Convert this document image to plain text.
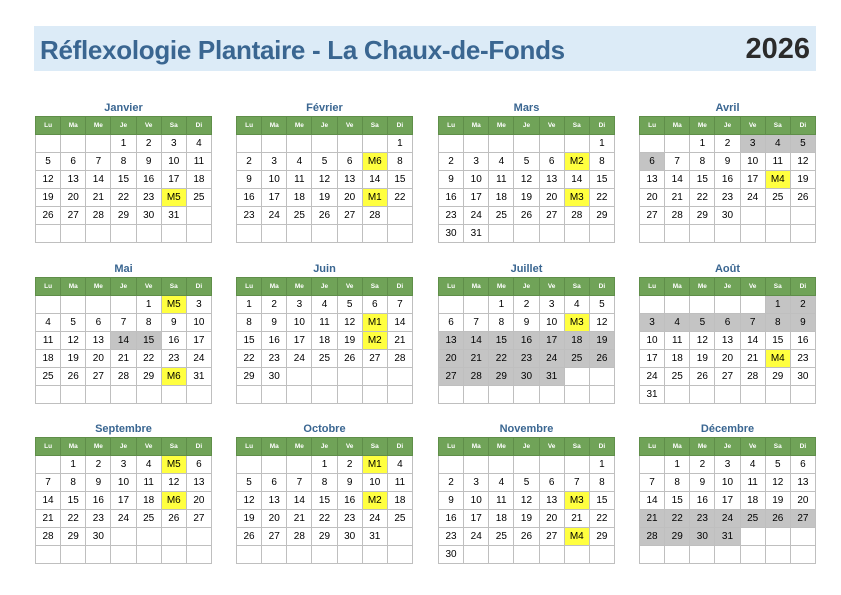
Réflexologie Plantaire - La Chaux-de-Fonds	2026
Janvier
Lu	Ma	Me	Je	Ve	Sa	Di
			1	2	3	4
5	6	7	8	9	10	11
12	13	14	15	16	17	18
19	20	21	22	23	M5	25
26	27	28	29	30	31	

Février
Lu	Ma	Me	Je	Ve	Sa	Di
						1
2	3	4	5	6	M6	8
9	10	11	12	13	14	15
16	17	18	19	20	M1	22
23	24	25	26	27	28	

Mars
Lu	Ma	Me	Je	Ve	Sa	Di
						1
2	3	4	5	6	M2	8
9	10	11	12	13	14	15
16	17	18	19	20	M3	22
23	24	25	26	27	28	29
30	31					
Avril
Lu	Ma	Me	Je	Ve	Sa	Di
		1	2	3	4	5
6	7	8	9	10	11	12
13	14	15	16	17	M4	19
20	21	22	23	24	25	26
27	28	29	30			

Mai
Lu	Ma	Me	Je	Ve	Sa	Di
				1	M5	3
4	5	6	7	8	9	10
11	12	13	14	15	16	17
18	19	20	21	22	23	24
25	26	27	28	29	M6	31

Juin
Lu	Ma	Me	Je	Ve	Sa	Di
1	2	3	4	5	6	7
8	9	10	11	12	M1	14
15	16	17	18	19	M2	21
22	23	24	25	26	27	28
29	30					

Juillet
Lu	Ma	Me	Je	Ve	Sa	Di
		1	2	3	4	5
6	7	8	9	10	M3	12
13	14	15	16	17	18	19
20	21	22	23	24	25	26
27	28	29	30	31		

Août
Lu	Ma	Me	Je	Ve	Sa	Di
					1	2
3	4	5	6	7	8	9
10	11	12	13	14	15	16
17	18	19	20	21	M4	23
24	25	26	27	28	29	30
31						
Septembre
Lu	Ma	Me	Je	Ve	Sa	Di
	1	2	3	4	M5	6
7	8	9	10	11	12	13
14	15	16	17	18	M6	20
21	22	23	24	25	26	27
28	29	30				

Octobre
Lu	Ma	Me	Je	Ve	Sa	Di
			1	2	M1	4
5	6	7	8	9	10	11
12	13	14	15	16	M2	18
19	20	21	22	23	24	25
26	27	28	29	30	31	

Novembre
Lu	Ma	Me	Je	Ve	Sa	Di
						1
2	3	4	5	6	7	8
9	10	11	12	13	M3	15
16	17	18	19	20	21	22
23	24	25	26	27	M4	29
30						
Décembre
Lu	Ma	Me	Je	Ve	Sa	Di
	1	2	3	4	5	6
7	8	9	10	11	12	13
14	15	16	17	18	19	20
21	22	23	24	25	26	27
28	29	30	31			
